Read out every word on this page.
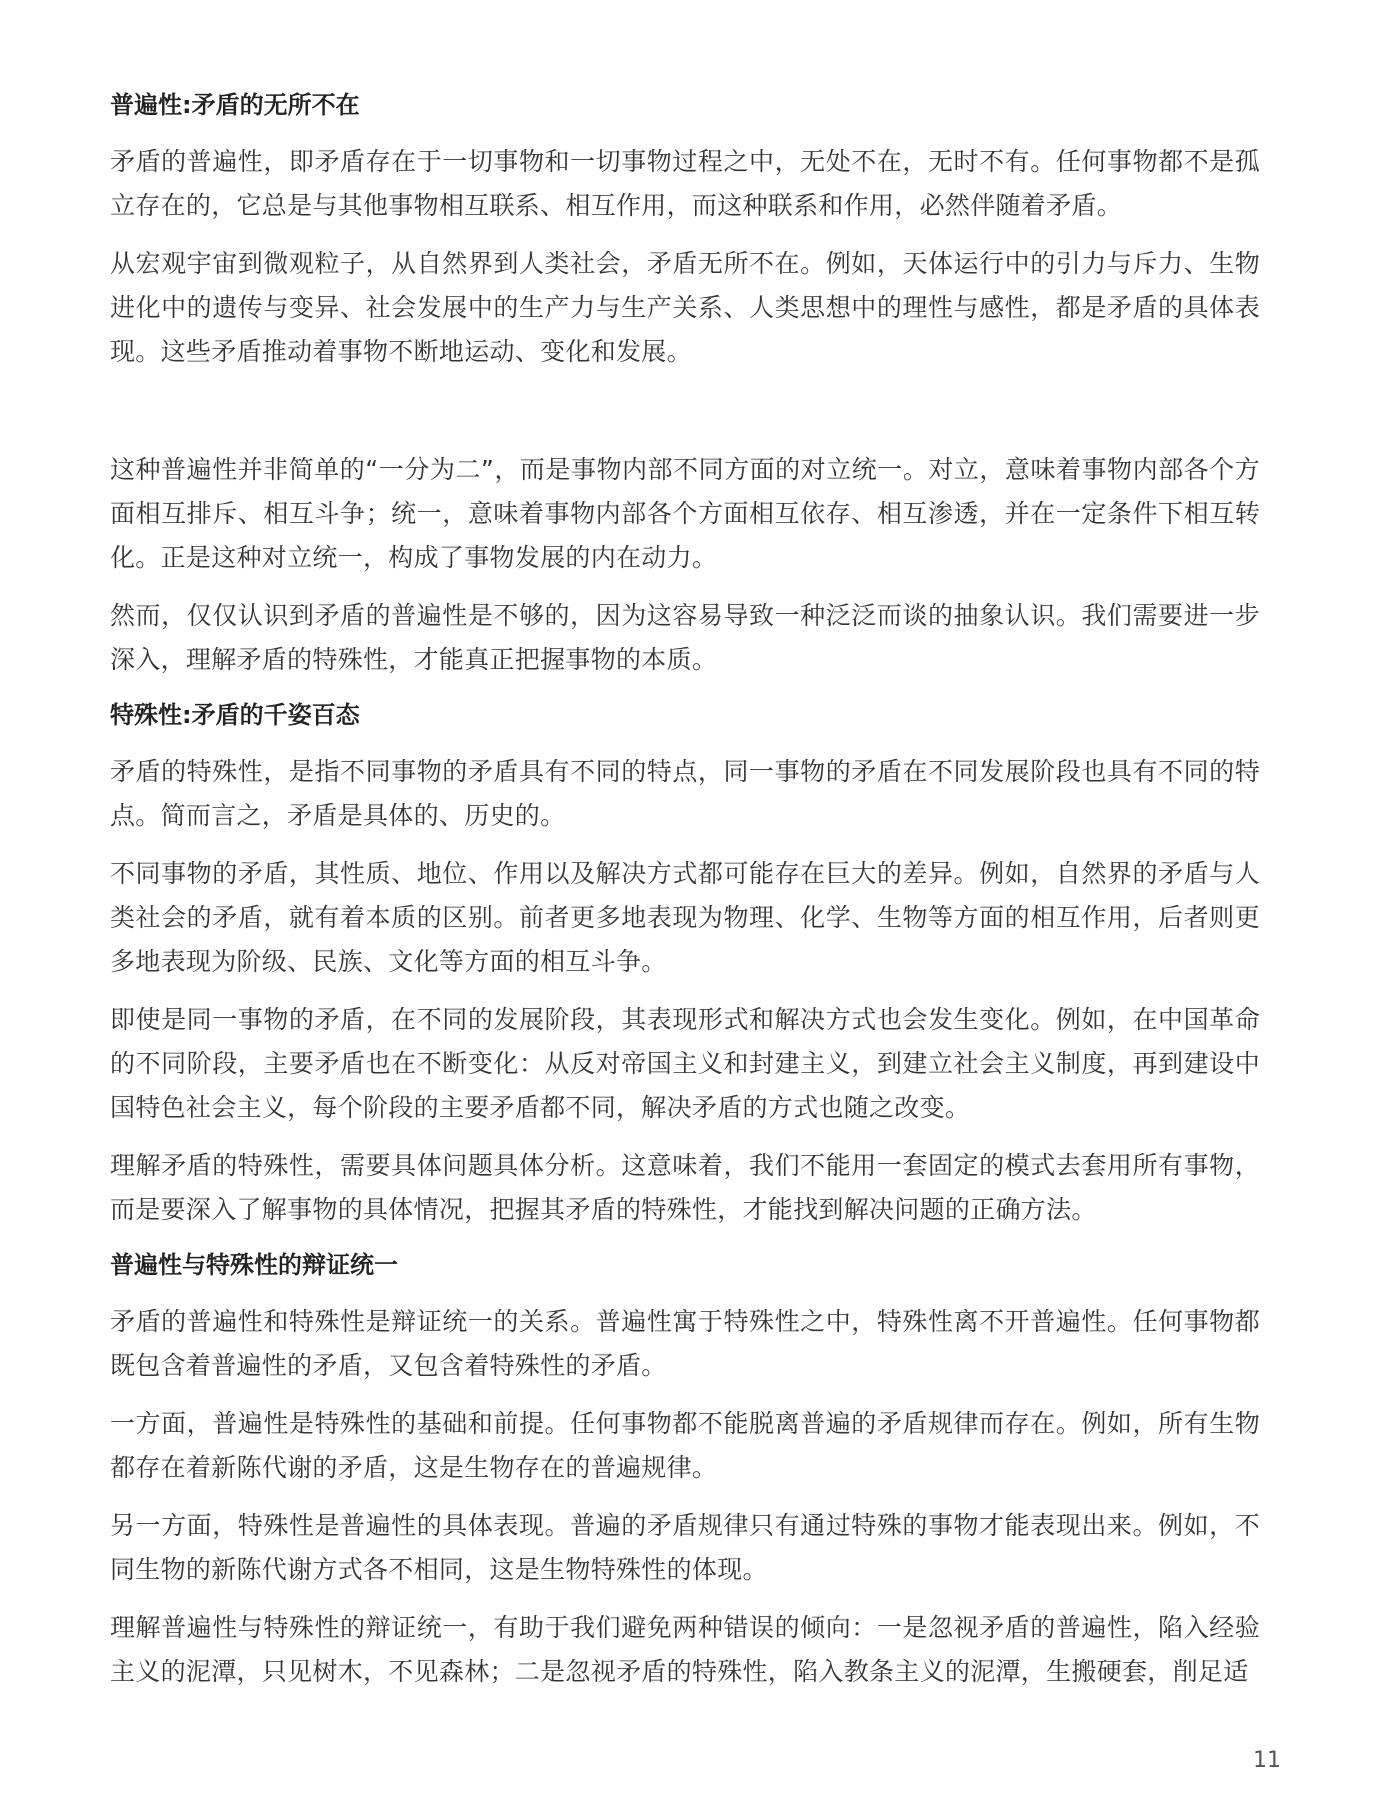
普遍性:矛盾的无所不在

矛盾的普遍性，即矛盾存在于一切事物和一切事物过程之中，无处不在，无时不有。任何事物都不是孤立存在的，它总是与其他事物相互联系、相互作用，而这种联系和作用，必然伴随着矛盾。

从宏观宇宙到微观粒子，从自然界到人类社会，矛盾无所不在。例如，天体运行中的引力与斥力、生物进化中的遗传与变异、社会发展中的生产力与生产关系、人类思想中的理性与感性，都是矛盾的具体表现。这些矛盾推动着事物不断地运动、变化和发展。

这种普遍性并非简单的“一分为二”，而是事物内部不同方面的对立统一。对立，意味着事物内部各个方面相互排斥、相互斗争；统一，意味着事物内部各个方面相互依存、相互渗透，并在一定条件下相互转化。正是这种对立统一，构成了事物发展的内在动力。

然而，仅仅认识到矛盾的普遍性是不够的，因为这容易导致一种泛泛而谈的抽象认识。我们需要进一步深入，理解矛盾的特殊性，才能真正把握事物的本质。

特殊性:矛盾的千姿百态

矛盾的特殊性，是指不同事物的矛盾具有不同的特点，同一事物的矛盾在不同发展阶段也具有不同的特点。简而言之，矛盾是具体的、历史的。

不同事物的矛盾，其性质、地位、作用以及解决方式都可能存在巨大的差异。例如，自然界的矛盾与人类社会的矛盾，就有着本质的区别。前者更多地表现为物理、化学、生物等方面的相互作用，后者则更多地表现为阶级、民族、文化等方面的相互斗争。

即使是同一事物的矛盾，在不同的发展阶段，其表现形式和解决方式也会发生变化。例如，在中国革命的不同阶段，主要矛盾也在不断变化：从反对帝国主义和封建主义，到建立社会主义制度，再到建设中国特色社会主义，每个阶段的主要矛盾都不同，解决矛盾的方式也随之改变。

理解矛盾的特殊性，需要具体问题具体分析。这意味着，我们不能用一套固定的模式去套用所有事物，而是要深入了解事物的具体情况，把握其矛盾的特殊性，才能找到解决问题的正确方法。

普遍性与特殊性的辩证统一

矛盾的普遍性和特殊性是辩证统一的关系。普遍性寓于特殊性之中，特殊性离不开普遍性。任何事物都既包含着普遍性的矛盾，又包含着特殊性的矛盾。

一方面，普遍性是特殊性的基础和前提。任何事物都不能脱离普遍的矛盾规律而存在。例如，所有生物都存在着新陈代谢的矛盾，这是生物存在的普遍规律。

另一方面，特殊性是普遍性的具体表现。普遍的矛盾规律只有通过特殊的事物才能表现出来。例如，不同生物的新陈代谢方式各不相同，这是生物特殊性的体现。

理解普遍性与特殊性的辩证统一，有助于我们避免两种错误的倾向：一是忽视矛盾的普遍性，陷入经验主义的泥潭，只见树木，不见森林；二是忽视矛盾的特殊性，陷入教条主义的泥潭，生搬硬套，削足适

11
